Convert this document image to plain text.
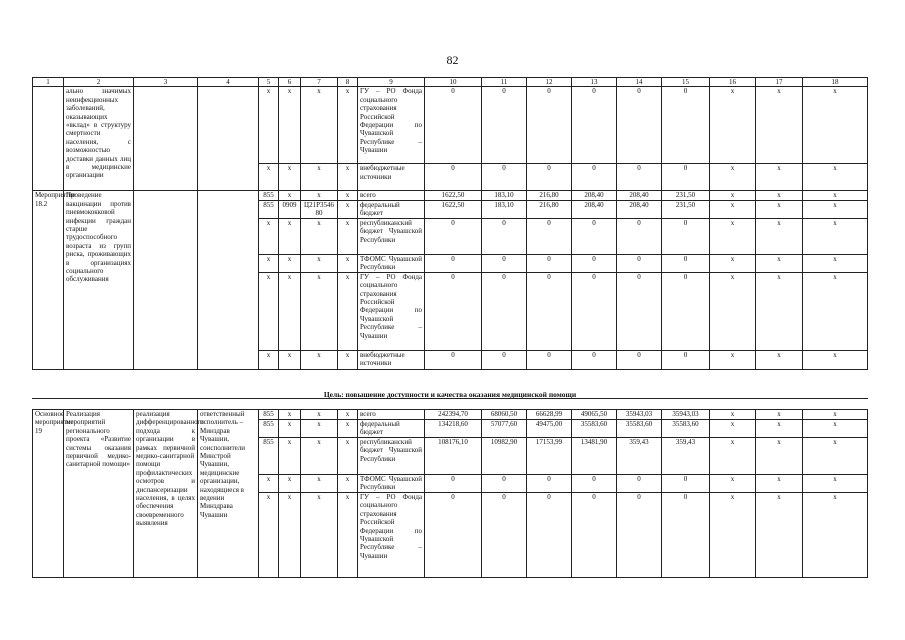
82
1	2	3	4	5	6	7	8	9	10	11	12	13	14	15	16	17	18
	ально значимых неинфекционных заболеваний, оказывающих «вклад» в структуру смертности населения, с возможностью доставки данных лиц в медицинские организации			x	x	x	x	ГУ – РО Фонда социального страхования Российской Федерации по Чувашской Республике – Чувашии	0	0	0	0	0	0	x	x	x
				x	x	x	x	внебюджетные источники	0	0	0	0	0	0	x	x	x
Мероприятие 18.2	Проведение вакцинации против пневмококковой инфекции граждан старше трудоспособного возраста из групп риска, проживающих в организациях социального обслуживания			855	x	x	x	всего	1622,50	183,10	216,80	208,40	208,40	231,50	x	x	x
				855	0909	Ц21Р354680	x	федеральный бюджет	1622,50	183,10	216,80	208,40	208,40	231,50	x	x	x
				x	x	x	x	республиканский бюджет Чувашской Республики	0	0	0	0	0	0	x	x	x
				x	x	x	x	ТФОМС Чувашской Республики	0	0	0	0	0	0	x	x	x
				x	x	x	x	ГУ – РО Фонда социального страхования Российской Федерации по Чувашской Республике – Чувашии	0	0	0	0	0	0	x	x	x
				x	x	x	x	внебюджетные источники	0	0	0	0	0	0	x	x	x
Цель: повышение доступности и качества оказания медицинской помощи
Основное мероприятие 19	Реализация мероприятий регионального проекта «Развитие системы оказания первичной медико-санитарной помощи»	реализация дифференцированного подхода к организации в рамках первичной медико-санитарной помощи профилактических осмотров и диспансеризации населения, в целях обеспечения своевременного выявления	ответственный исполнитель – Минздрав Чувашии, соисполнители Минстрой Чувашии, медицинские организации, находящиеся в ведении Минздрава Чувашии	855	x	x	x	всего	242394,70	68060,50	66628,99	49065,50	35943,03	35943,03	x	x	x
				855	x	x	x	федеральный бюджет	134218,60	57077,60	49475,00	35583,60	35583,60	35583,60	x	x	x
				855	x	x	x	республиканский бюджет Чувашской Республики	108176,10	10982,90	17153,99	13481,90	359,43	359,43	x	x	x
				x	x	x	x	ТФОМС Чувашской Республики	0	0	0	0	0	0	x	x	x
				x	x	x	x	ГУ – РО Фонда социального страхования Российской Федерации по Чувашской Республике – Чувашии	0	0	0	0	0	0	x	x	x
